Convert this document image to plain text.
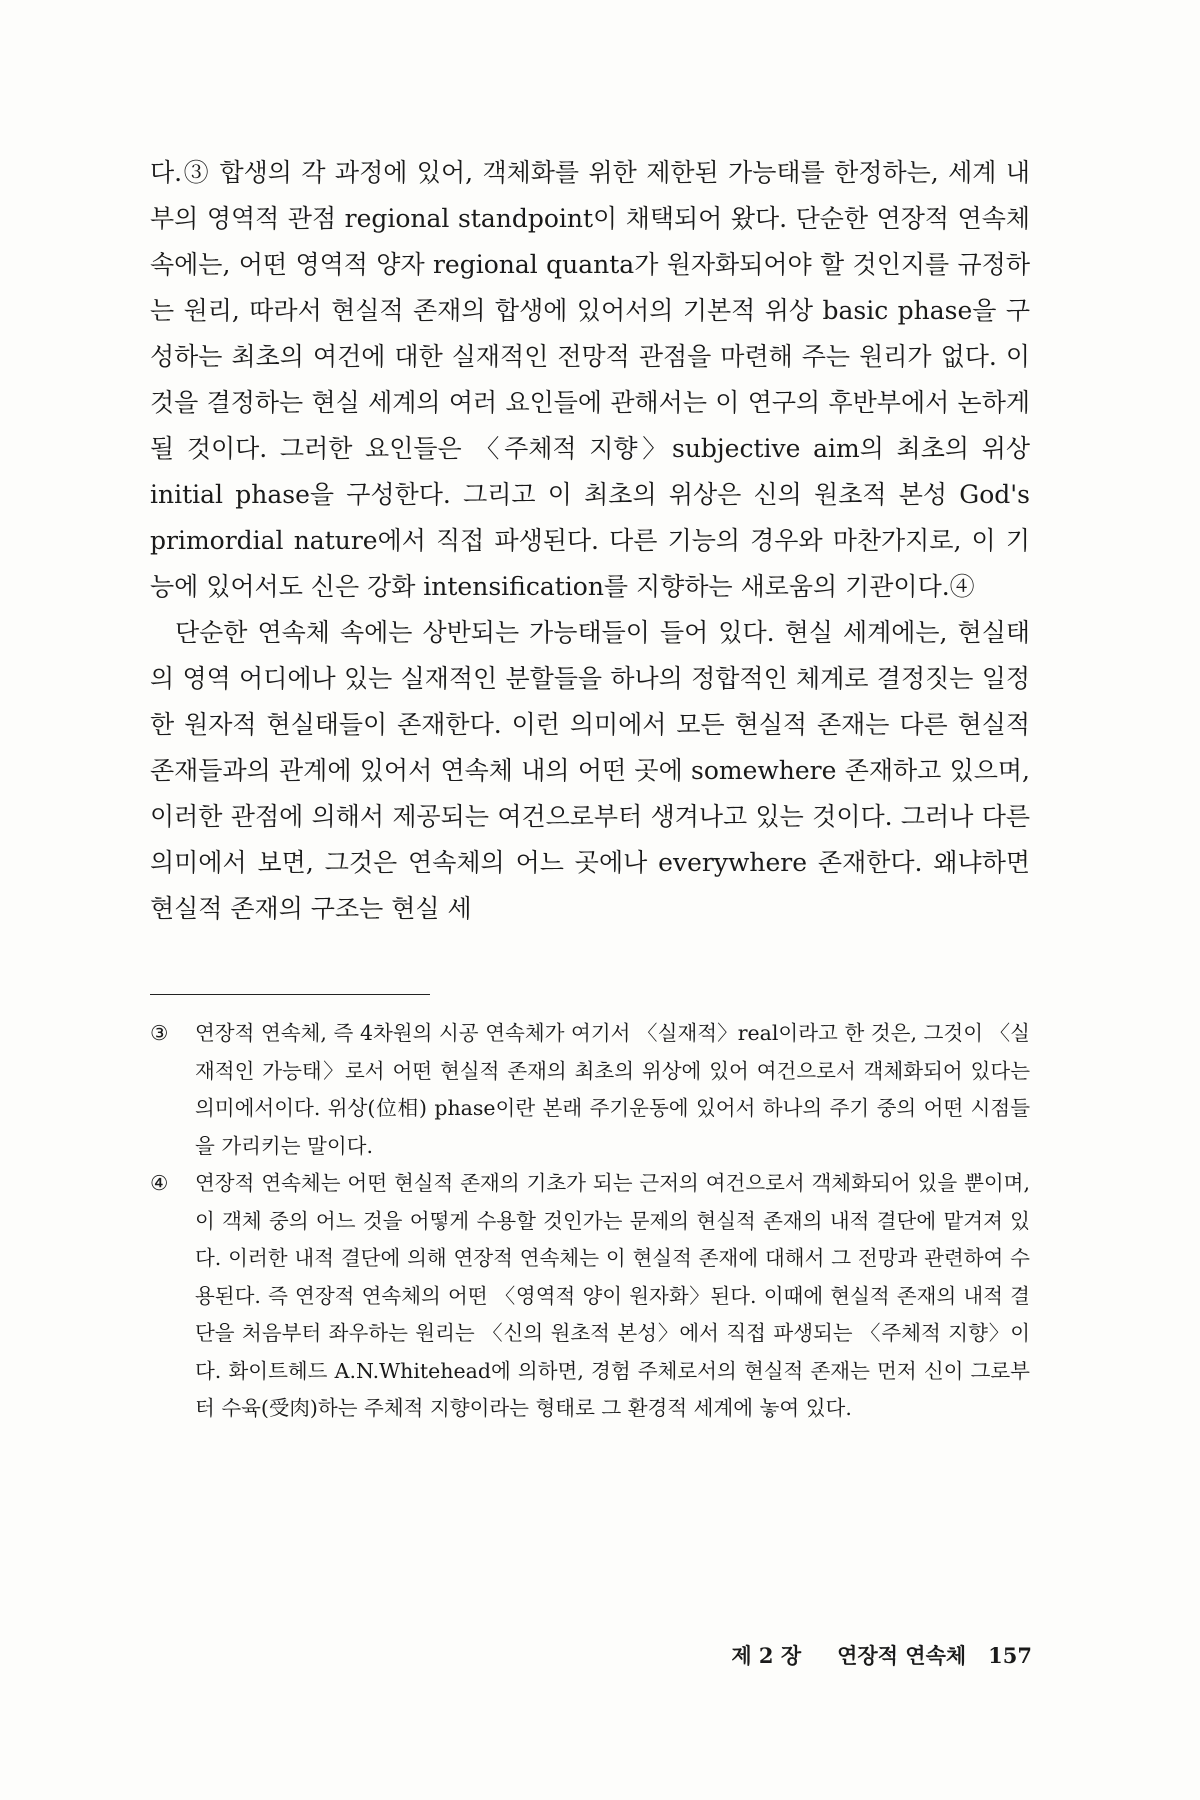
다.③ 합생의 각 과정에 있어, 객체화를 위한 제한된 가능태를 한정하는, 세계 내부의 영역적 관점 regional standpoint이 채택되어 왔다. 단순한 연장적 연속체 속에는, 어떤 영역적 양자 regional quanta가 원자화되어야 할 것인지를 규정하는 원리, 따라서 현실적 존재의 합생에 있어서의 기본적 위상 basic phase을 구성하는 최초의 여건에 대한 실재적인 전망적 관점을 마련해 주는 원리가 없다. 이것을 결정하는 현실 세계의 여러 요인들에 관해서는 이 연구의 후반부에서 논하게 될 것이다. 그러한 요인들은 〈주체적 지향〉subjective aim의 최초의 위상 initial phase을 구성한다. 그리고 이 최초의 위상은 신의 원초적 본성 God's primordial nature에서 직접 파생된다. 다른 기능의 경우와 마찬가지로, 이 기능에 있어서도 신은 강화 intensification를 지향하는 새로움의 기관이다.④

단순한 연속체 속에는 상반되는 가능태들이 들어 있다. 현실 세계에는, 현실태의 영역 어디에나 있는 실재적인 분할들을 하나의 정합적인 체계로 결정짓는 일정한 원자적 현실태들이 존재한다. 이런 의미에서 모든 현실적 존재는 다른 현실적 존재들과의 관계에 있어서 연속체 내의 어떤 곳에 somewhere 존재하고 있으며, 이러한 관점에 의해서 제공되는 여건으로부터 생겨나고 있는 것이다. 그러나 다른 의미에서 보면, 그것은 연속체의 어느 곳에나 everywhere 존재한다. 왜냐하면 현실적 존재의 구조는 현실 세

③	연장적 연속체, 즉 4차원의 시공 연속체가 여기서 〈실재적〉real이라고 한 것은, 그것이 〈실재적인 가능태〉로서 어떤 현실적 존재의 최초의 위상에 있어 여건으로서 객체화되어 있다는 의미에서이다. 위상(位相) phase이란 본래 주기운동에 있어서 하나의 주기 중의 어떤 시점들을 가리키는 말이다.
④	연장적 연속체는 어떤 현실적 존재의 기초가 되는 근저의 여건으로서 객체화되어 있을 뿐이며, 이 객체 중의 어느 것을 어떻게 수용할 것인가는 문제의 현실적 존재의 내적 결단에 맡겨져 있다. 이러한 내적 결단에 의해 연장적 연속체는 이 현실적 존재에 대해서 그 전망과 관련하여 수용된다. 즉 연장적 연속체의 어떤 〈영역적 양이 원자화〉된다. 이때에 현실적 존재의 내적 결단을 처음부터 좌우하는 원리는 〈신의 원초적 본성〉에서 직접 파생되는 〈주체적 지향〉이다. 화이트헤드 A.N.Whitehead에 의하면, 경험 주체로서의 현실적 존재는 먼저 신이 그로부터 수육(受肉)하는 주체적 지향이라는 형태로 그 환경적 세계에 놓여 있다.
제 2 장 연장적 연속체 157
